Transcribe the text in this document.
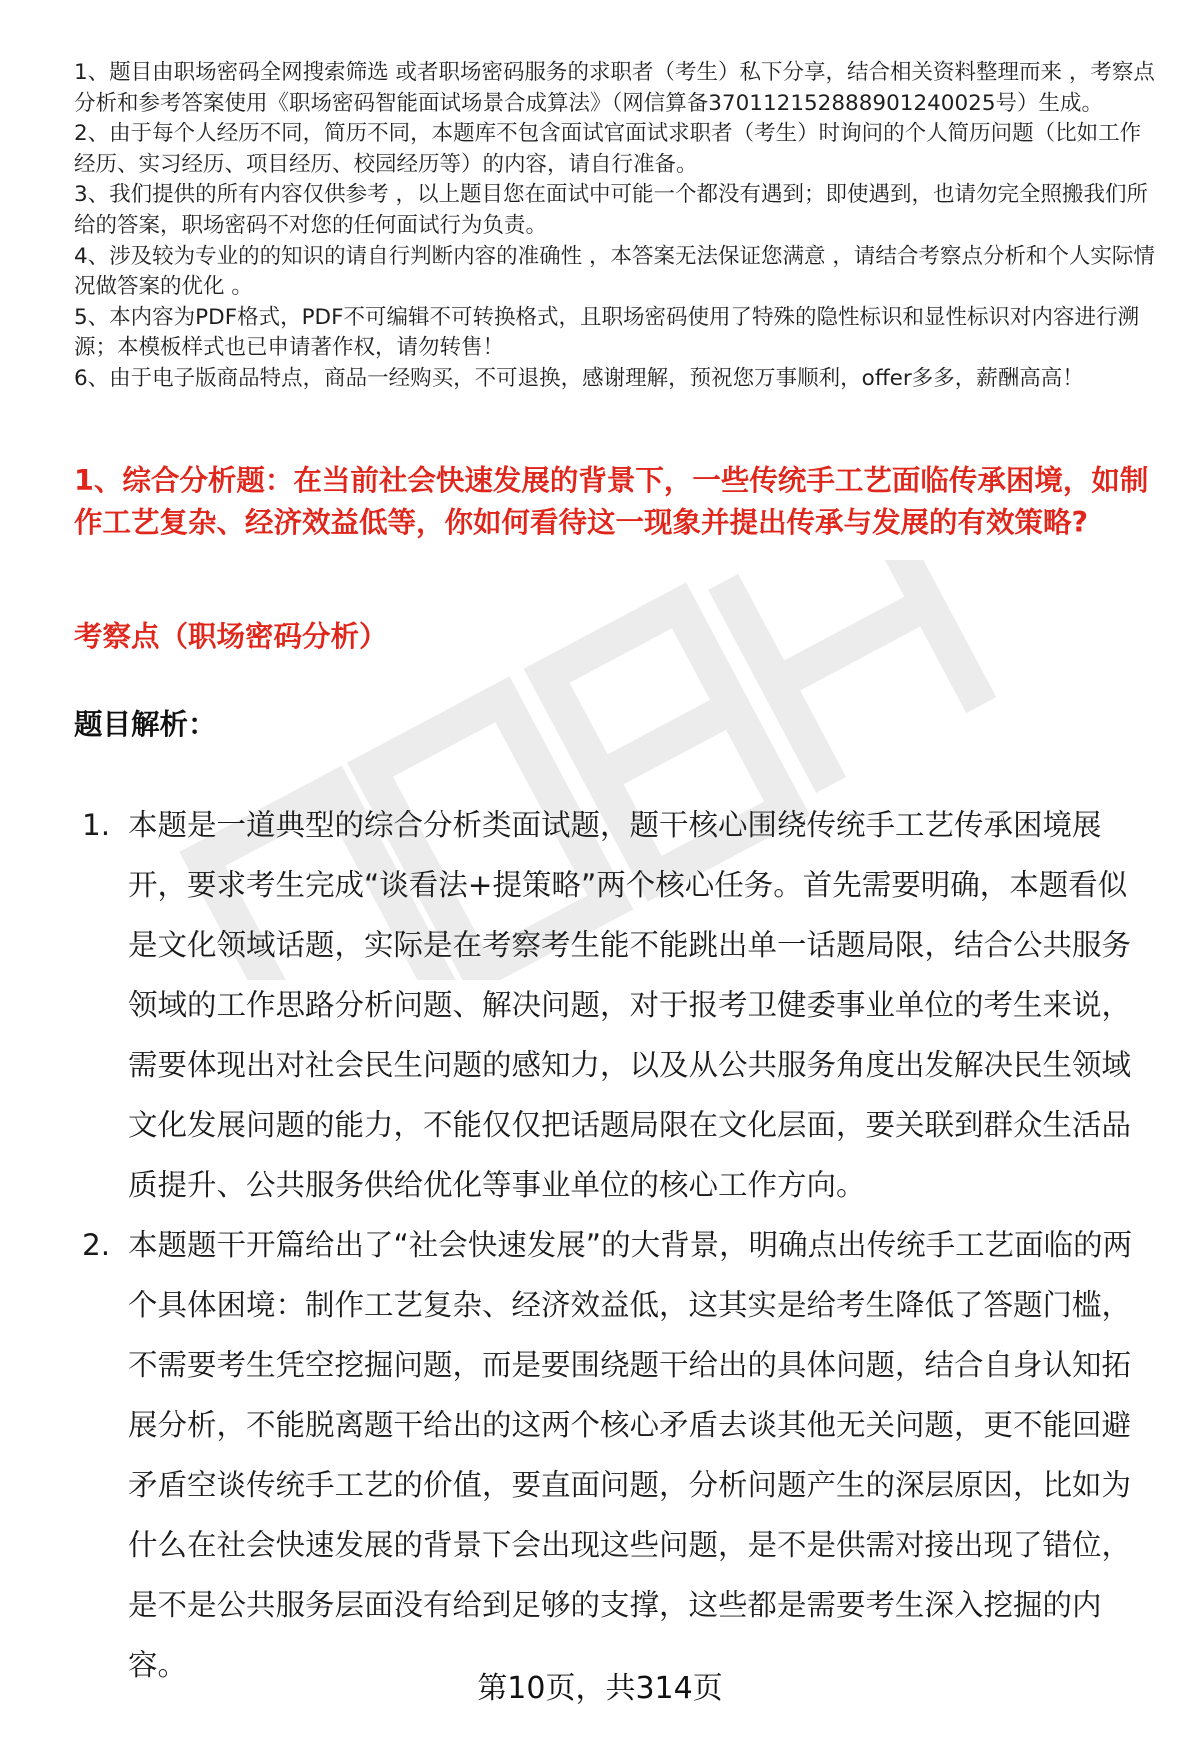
1、题目由职场密码全网搜索筛选 或者职场密码服务的求职者（考生）私下分享，结合相关资料整理而来 ，考察点分析和参考答案使用《职场密码智能面试场景合成算法》（网信算备370112152888901240025号）生成。

2、由于每个人经历不同，简历不同，本题库不包含面试官面试求职者（考生）时询问的个人简历问题（比如工作经历、实习经历、项目经历、校园经历等）的内容，请自行准备。

3、我们提供的所有内容仅供参考 ，以上题目您在面试中可能一个都没有遇到；即使遇到，也请勿完全照搬我们所给的答案，职场密码不对您的任何面试行为负责。

4、涉及较为专业的的知识的请自行判断内容的准确性 ，本答案无法保证您满意 ，请结合考察点分析和个人实际情况做答案的优化 。

5、本内容为PDF格式，PDF不可编辑不可转换格式，且职场密码使用了特殊的隐性标识和显性标识对内容进行溯源；本模板样式也已申请著作权，请勿转售！

6、由于电子版商品特点，商品一经购买，不可退换，感谢理解，预祝您万事顺利，offer多多，薪酬高高！

1、综合分析题：在当前社会快速发展的背景下，一些传统手工艺面临传承困境，如制作工艺复杂、经济效益低等，你如何看待这一现象并提出传承与发展的有效策略?
考察点（职场密码分析）
题目解析：
1. 本题是一道典型的综合分析类面试题，题干核心围绕传统手工艺传承困境展开，要求考生完成“谈看法+提策略”两个核心任务。首先需要明确，本题看似是文化领域话题，实际是在考察考生能不能跳出单一话题局限，结合公共服务领域的工作思路分析问题、解决问题，对于报考卫健委事业单位的考生来说，需要体现出对社会民生问题的感知力，以及从公共服务角度出发解决民生领域文化发展问题的能力，不能仅仅把话题局限在文化层面，要关联到群众生活品质提升、公共服务供给优化等事业单位的核心工作方向。
2. 本题题干开篇给出了“社会快速发展”的大背景，明确点出传统手工艺面临的两个具体困境：制作工艺复杂、经济效益低，这其实是给考生降低了答题门槛，不需要考生凭空挖掘问题，而是要围绕题干给出的具体问题，结合自身认知拓展分析，不能脱离题干给出的这两个核心矛盾去谈其他无关问题，更不能回避矛盾空谈传统手工艺的价值，要直面问题，分析问题产生的深层原因，比如为什么在社会快速发展的背景下会出现这些问题，是不是供需对接出现了错位，是不是公共服务层面没有给到足够的支撑，这些都是需要考生深入挖掘的内容。
第10页，共314页
